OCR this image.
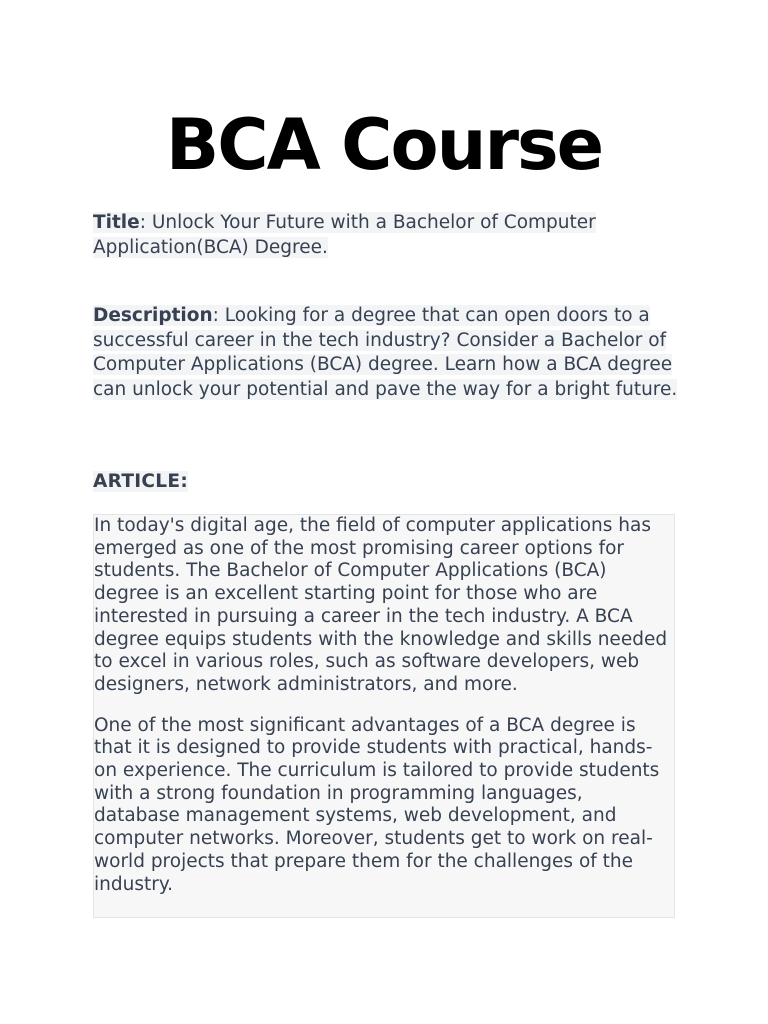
BCA Course

Title: Unlock Your Future with a Bachelor of Computer Application(BCA) Degree.

Description: Looking for a degree that can open doors to a successful career in the tech industry? Consider a Bachelor of Computer Applications (BCA) degree. Learn how a BCA degree can unlock your potential and pave the way for a bright future.

ARTICLE:

In today's digital age, the field of computer applications has emerged as one of the most promising career options for students. The Bachelor of Computer Applications (BCA) degree is an excellent starting point for those who are interested in pursuing a career in the tech industry. A BCA degree equips students with the knowledge and skills needed to excel in various roles, such as software developers, web designers, network administrators, and more.

One of the most significant advantages of a BCA degree is that it is designed to provide students with practical, hands-on experience. The curriculum is tailored to provide students with a strong foundation in programming languages, database management systems, web development, and computer networks. Moreover, students get to work on real-world projects that prepare them for the challenges of the industry.
